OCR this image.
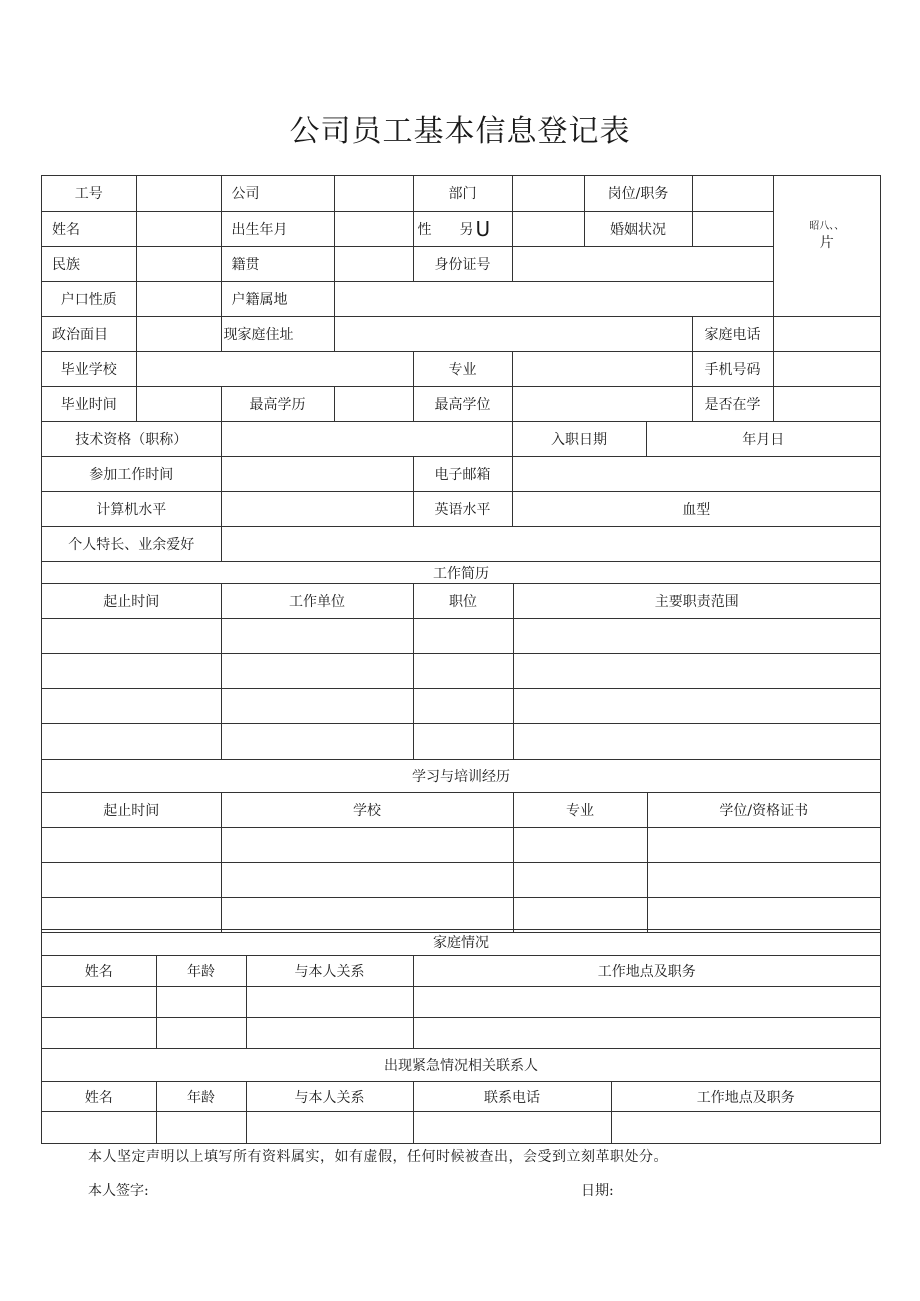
公司员工基本信息登记表
工号		公司		部门		岗位/职务			昭八、、
片

姓名		出生年月		性   另 U		婚姻状况			
民族		籍贯		身份证号					
户口性质		户籍属地							
政治面目		现家庭住址						家庭电话	
毕业学校				专业				手机号码	
毕业时间		最高学历		最高学位				是否在学	
技术资格（职称）					入职日期		年月日		
参加工作时间				电子邮箱					
计算机水平				英语水平	血型				
个人特长、业余爱好									
工作简历			
起止时间	工作单位	职位	主要职责范围

学习与培训经历			
起止时间	学校	专业	学位/资格证书

家庭情况			
姓名	年龄	与本人关系	工作地点及职务

出现紧急情况相关联系人				
姓名	年龄	与本人关系	联系电话	工作地点及职务

本人坚定声明以上填写所有资料属实，如有虚假，任何时候被查出，会受到立刻革职处分。
本人签字:	日期:
